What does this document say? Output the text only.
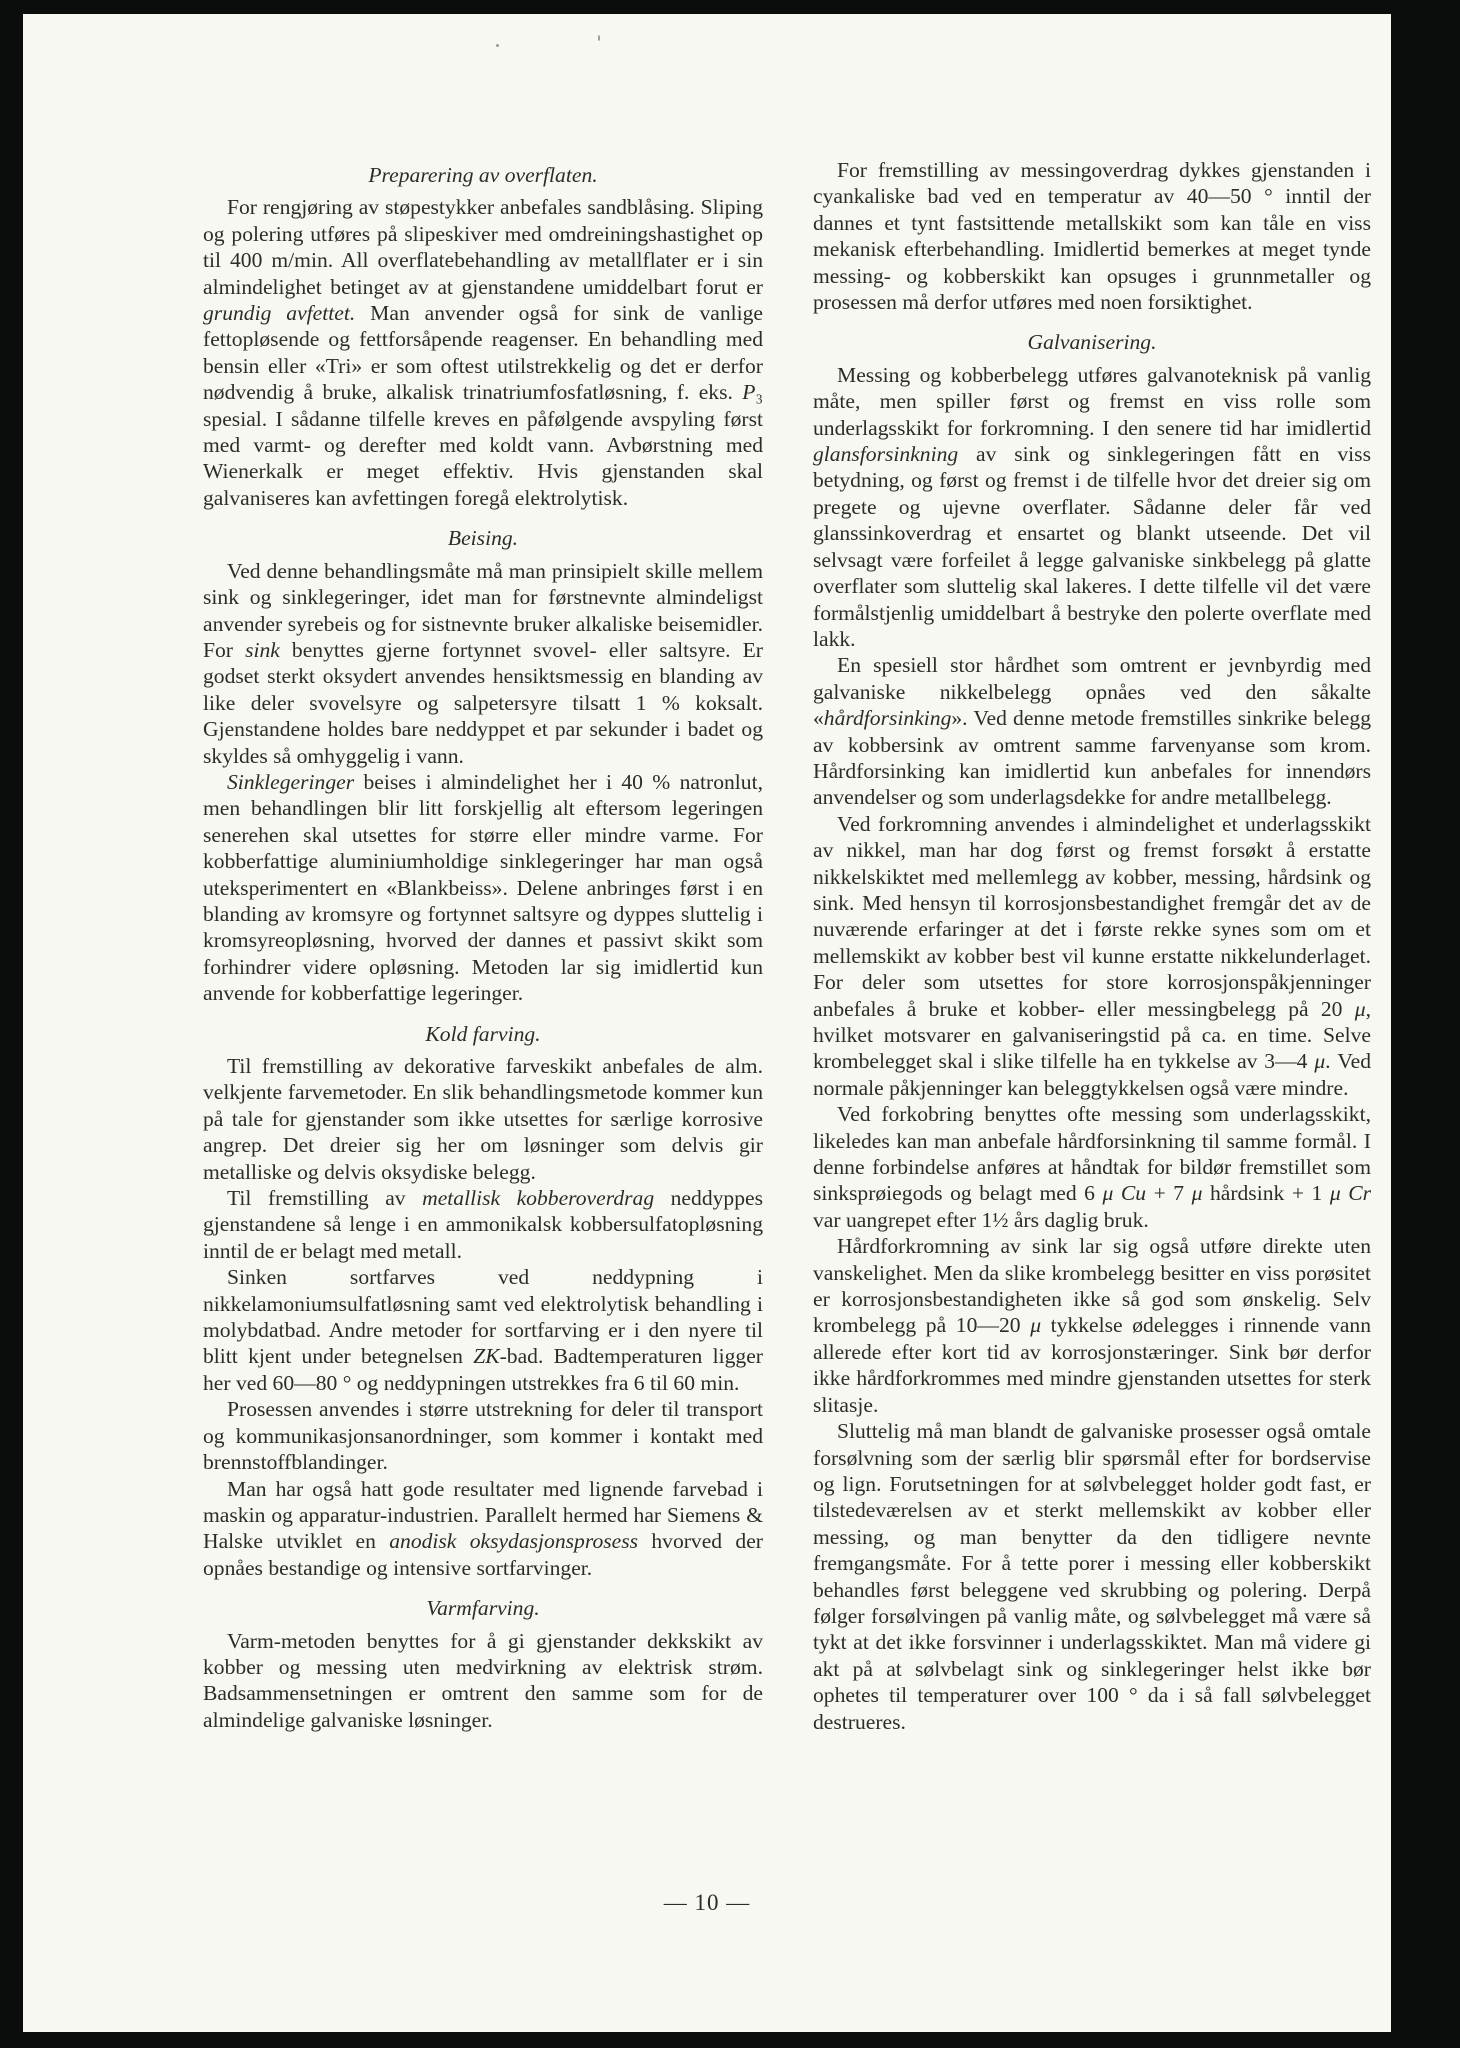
Preparering av overflaten.

For rengjøring av støpestykker anbefales sandblåsing. Sliping og polering utføres på slipeskiver med omdreiningshastighet op til 400 m/min. All overflatebehandling av metallflater er i sin almindelighet betinget av at gjenstandene umiddelbart forut er grundig avfettet. Man anvender også for sink de vanlige fettopløsende og fettforsåpende reagenser. En behandling med bensin eller «Tri» er som oftest utilstrekkelig og det er derfor nødvendig å bruke, alkalisk trinatriumfosfatløsning, f. eks. P₃ spesial. I sådanne tilfelle kreves en påfølgende avspyling først med varmt- og derefter med koldt vann. Avbørstning med Wienerkalk er meget effektiv. Hvis gjenstanden skal galvaniseres kan avfettingen foregå elektrolytisk.

Beising.

Ved denne behandlingsmåte må man prinsipielt skille mellem sink og sinklegeringer, idet man for førstnevnte almindeligst anvender syrebeis og for sistnevnte bruker alkaliske beisemidler. For sink benyttes gjerne fortynnet svovel- eller saltsyre. Er godset sterkt oksydert anvendes hensiktsmessig en blanding av like deler svovelsyre og salpetersyre tilsatt 1 % koksalt. Gjenstandene holdes bare neddyppet et par sekunder i badet og skyldes så omhyggelig i vann.

Sinklegeringer beises i almindelighet her i 40 % natronlut, men behandlingen blir litt forskjellig alt eftersom legeringen senerehen skal utsettes for større eller mindre varme. For kobberfattige aluminiumholdige sinklegeringer har man også uteksperimentert en «Blankbeiss». Delene anbringes først i en blanding av kromsyre og fortynnet saltsyre og dyppes sluttelig i kromsyreopløsning, hvorved der dannes et passivt skikt som forhindrer videre opløsning. Metoden lar sig imidlertid kun anvende for kobberfattige legeringer.

Kold farving.

Til fremstilling av dekorative farveskikt anbefales de alm. velkjente farvemetoder. En slik behandlingsmetode kommer kun på tale for gjenstander som ikke utsettes for særlige korrosive angrep. Det dreier sig her om løsninger som delvis gir metalliske og delvis oksydiske belegg.

Til fremstilling av metallisk kobberoverdrag neddyppes gjenstandene så lenge i en ammonikalsk kobbersulfatopløsning inntil de er belagt med metall.

Sinken sortfarves ved neddypning i nikkelamoniumsulfatløsning samt ved elektrolytisk behandling i molybdatbad. Andre metoder for sortfarving er i den nyere til blitt kjent under betegnelsen ZK-bad. Badtemperaturen ligger her ved 60—80 ° og neddypningen utstrekkes fra 6 til 60 min.

Prosessen anvendes i større utstrekning for deler til transport og kommunikasjonsanordninger, som kommer i kontakt med brennstoffblandinger.

Man har også hatt gode resultater med lignende farvebad i maskin og apparatur-industrien. Parallelt hermed har Siemens & Halske utviklet en anodisk oksydasjonsprosess hvorved der opnåes bestandige og intensive sortfarvinger.

Varmfarving.

Varm-metoden benyttes for å gi gjenstander dekkskikt av kobber og messing uten medvirkning av elektrisk strøm. Badsammensetningen er omtrent den samme som for de almindelige galvaniske løsninger.

For fremstilling av messingoverdrag dykkes gjenstanden i cyankaliske bad ved en temperatur av 40—50 ° inntil der dannes et tynt fastsittende metallskikt som kan tåle en viss mekanisk efterbehandling. Imidlertid bemerkes at meget tynde messing- og kobberskikt kan opsuges i grunnmetaller og prosessen må derfor utføres med noen forsiktighet.

Galvanisering.

Messing og kobberbelegg utføres galvanoteknisk på vanlig måte, men spiller først og fremst en viss rolle som underlagsskikt for forkromning. I den senere tid har imidlertid glansforsinkning av sink og sinklegeringen fått en viss betydning, og først og fremst i de tilfelle hvor det dreier sig om pregete og ujevne overflater. Sådanne deler får ved glanssinkoverdrag et ensartet og blankt utseende. Det vil selvsagt være forfeilet å legge galvaniske sinkbelegg på glatte overflater som sluttelig skal lakeres. I dette tilfelle vil det være formålstjenlig umiddelbart å bestryke den polerte overflate med lakk.

En spesiell stor hårdhet som omtrent er jevnbyrdig med galvaniske nikkelbelegg opnåes ved den såkalte «hårdforsinking». Ved denne metode fremstilles sinkrike belegg av kobbersink av omtrent samme farvenyanse som krom. Hårdforsinking kan imidlertid kun anbefales for innendørs anvendelser og som underlagsdekke for andre metallbelegg.

Ved forkromning anvendes i almindelighet et underlagsskikt av nikkel, man har dog først og fremst forsøkt å erstatte nikkelskiktet med mellemlegg av kobber, messing, hårdsink og sink. Med hensyn til korrosjonsbestandighet fremgår det av de nuværende erfaringer at det i første rekke synes som om et mellemskikt av kobber best vil kunne erstatte nikkelunderlaget. For deler som utsettes for store korrosjonspåkjenninger anbefales å bruke et kobber- eller messingbelegg på 20 μ, hvilket motsvarer en galvaniseringstid på ca. en time. Selve krombelegget skal i slike tilfelle ha en tykkelse av 3—4 μ. Ved normale påkjenninger kan beleggtykkelsen også være mindre.

Ved forkobring benyttes ofte messing som underlagsskikt, likeledes kan man anbefale hårdforsinkning til samme formål. I denne forbindelse anføres at håndtak for bildør fremstillet som sinksprøiegods og belagt med 6 μ Cu + 7 μ hårdsink + 1 μ Cr var uangrepet efter 1½ års daglig bruk.

Hårdforkromning av sink lar sig også utføre direkte uten vanskelighet. Men da slike krombelegg besitter en viss porøsitet er korrosjonsbestandigheten ikke så god som ønskelig. Selv krombelegg på 10—20 μ tykkelse ødelegges i rinnende vann allerede efter kort tid av korrosjonstæringer. Sink bør derfor ikke hårdforkrommes med mindre gjenstanden utsettes for sterk slitasje.

Sluttelig må man blandt de galvaniske prosesser også omtale forsølvning som der særlig blir spørsmål efter for bordservise og lign. Forutsetningen for at sølvbelegget holder godt fast, er tilstedeværelsen av et sterkt mellemskikt av kobber eller messing, og man benytter da den tidligere nevnte fremgangsmåte. For å tette porer i messing eller kobberskikt behandles først beleggene ved skrubbing og polering. Derpå følger forsølvingen på vanlig måte, og sølvbelegget må være så tykt at det ikke forsvinner i underlagsskiktet. Man må videre gi akt på at sølvbelagt sink og sinklegeringer helst ikke bør ophetes til temperaturer over 100 ° da i så fall sølvbelegget destrueres.

— 10 —
